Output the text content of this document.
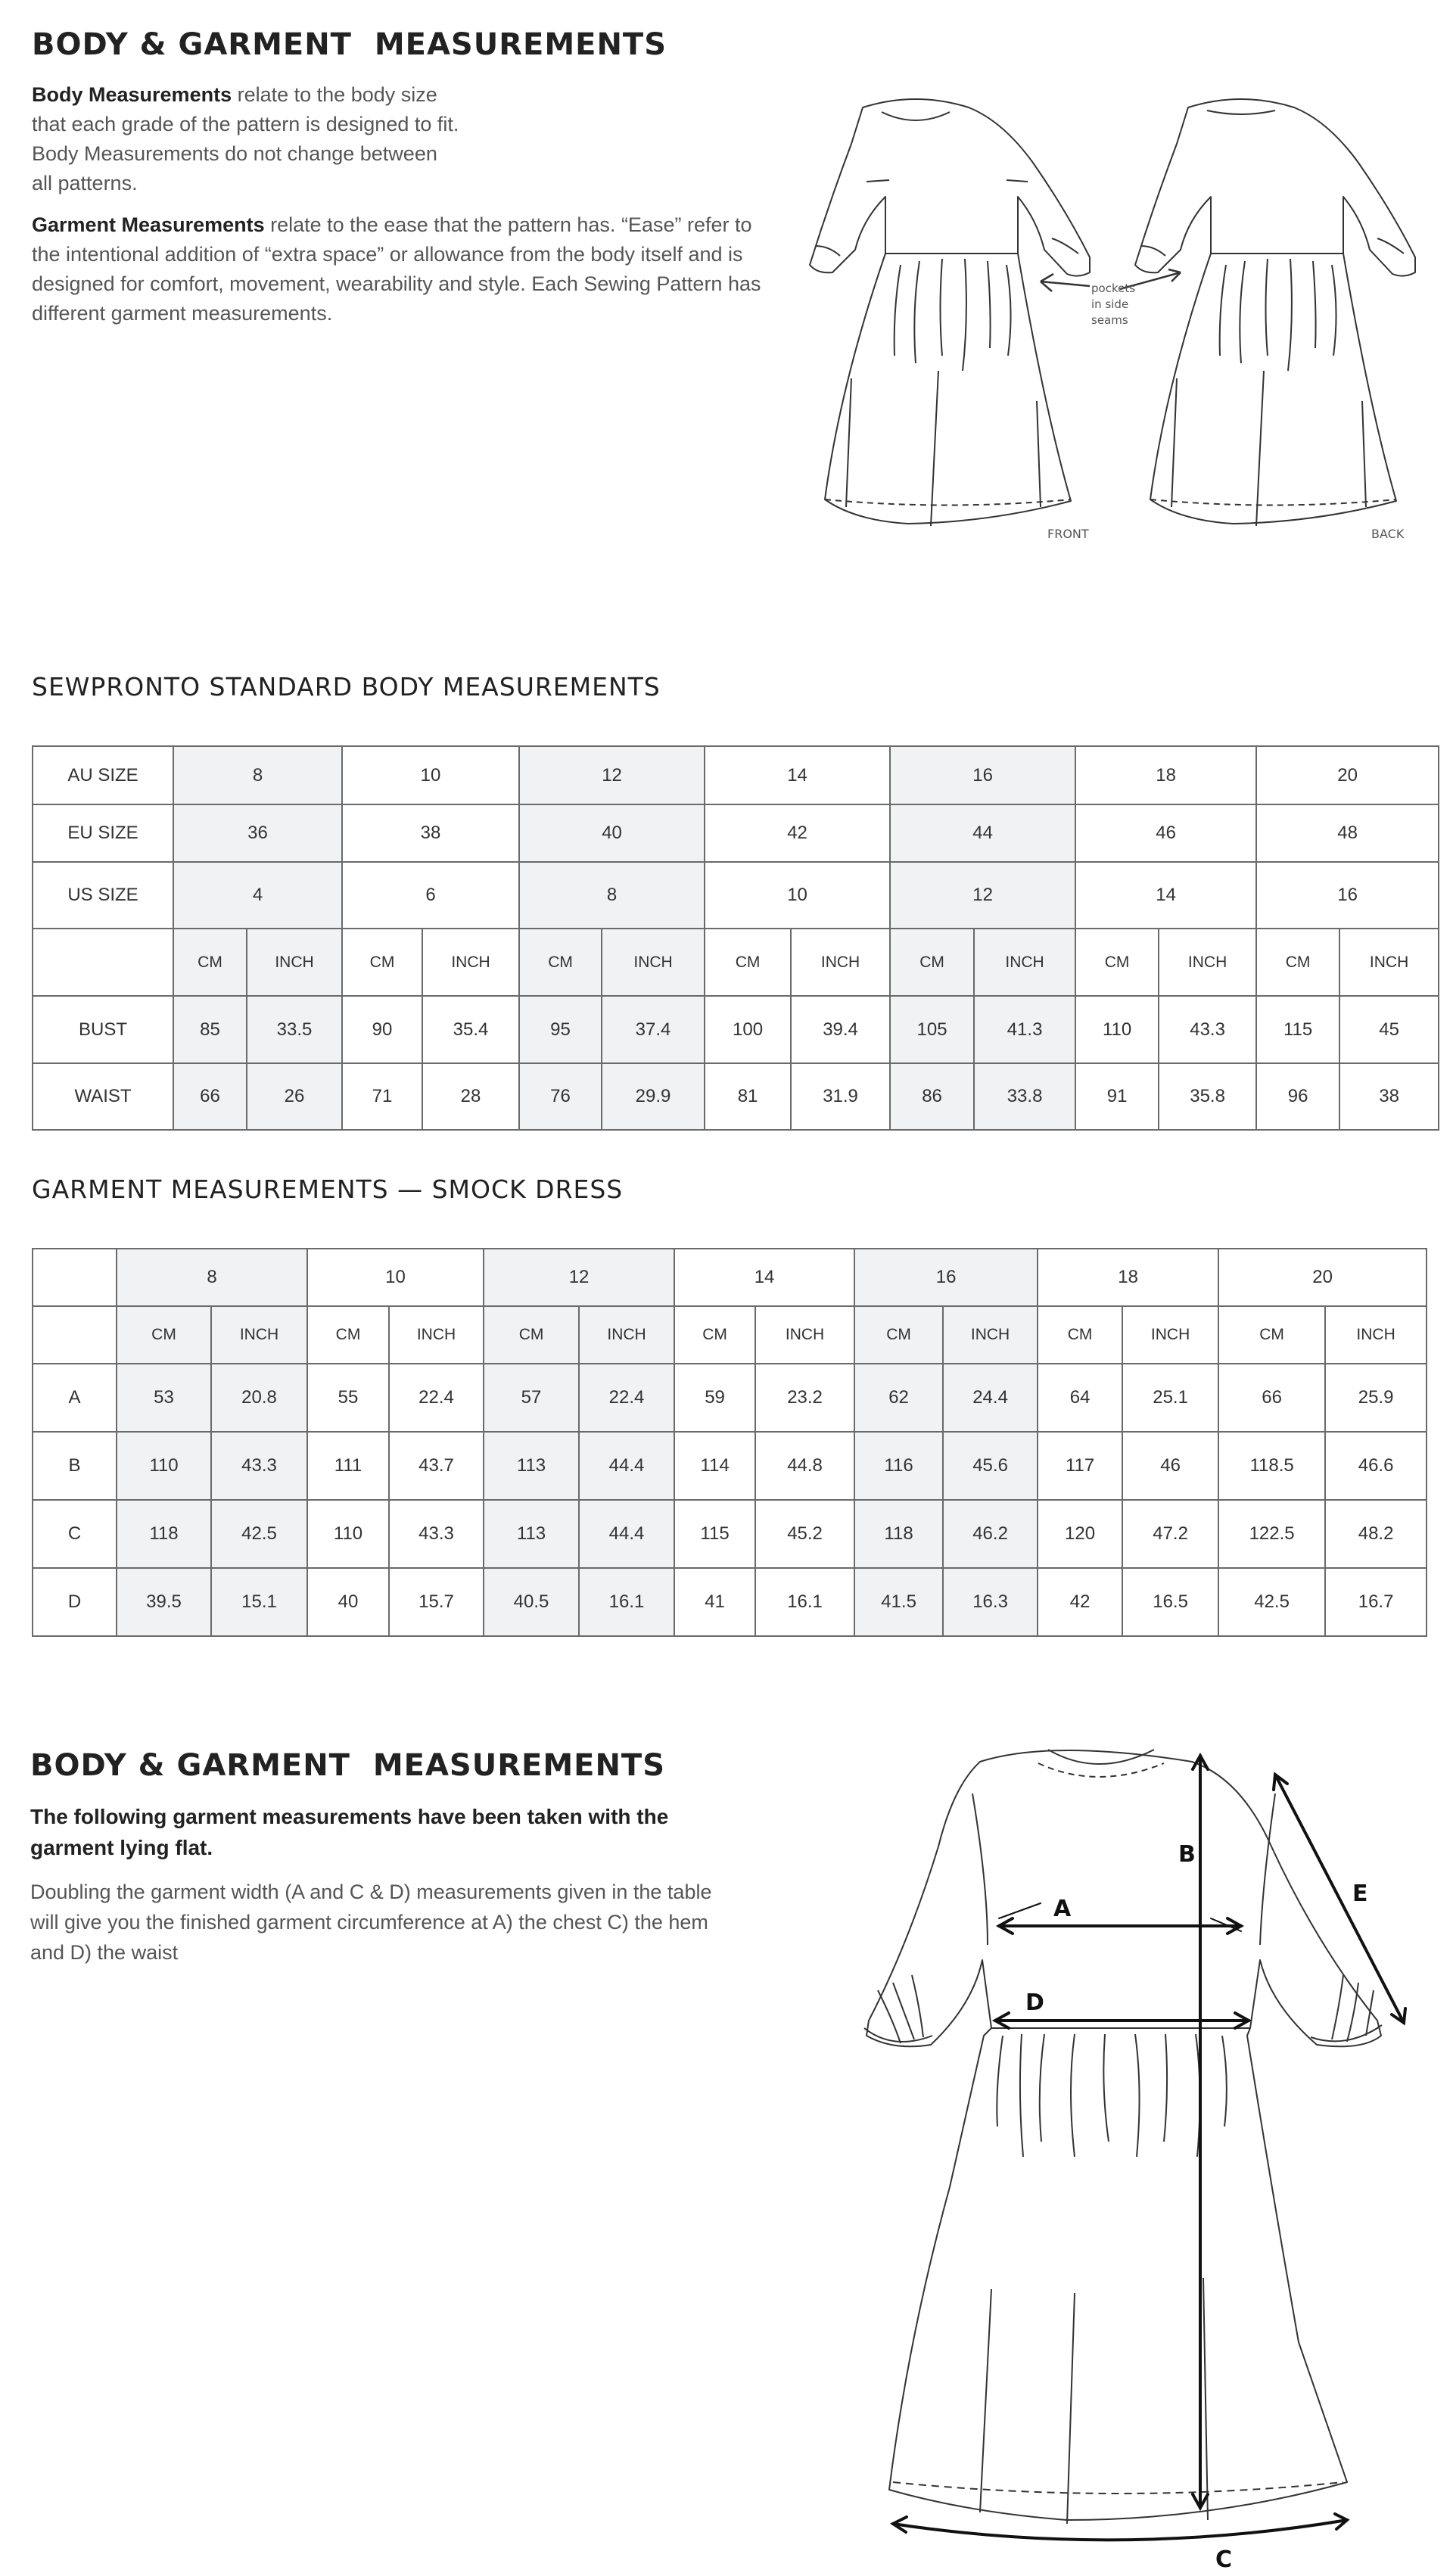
BODY & GARMENT  MEASUREMENTS
Body Measurements relate to the body size
that each grade of the pattern is designed to fit.
Body Measurements do not change between
all patterns.
Garment Measurements relate to the ease that the pattern has. “Ease” refer to
the intentional addition of “extra space” or allowance from the body itself and is
designed for comfort, movement, wearability and style. Each Sewing Pattern has
different garment measurements.
pockets
in side
seams
FRONT	BACK
SEWPRONTO STANDARD BODY MEASUREMENTS
AU SIZE	8		10		12		14		16		18		20	
EU SIZE	36		38		40		42		44		46		48	
US SIZE	4		6		8		10		12		14		16	
	CM	INCH	CM	INCH	CM	INCH	CM	INCH	CM	INCH	CM	INCH	CM	INCH
BUST	85	33.5	90	35.4	95	37.4	100	39.4	105	41.3	110	43.3	115	45
WAIST	66	26	71	28	76	29.9	81	31.9	86	33.8	91	35.8	96	38
GARMENT MEASUREMENTS — SMOCK DRESS
	8		10		12		14		16		18		20	
	CM	INCH	CM	INCH	CM	INCH	CM	INCH	CM	INCH	CM	INCH	CM	INCH
A	53	20.8	55	22.4	57	22.4	59	23.2	62	24.4	64	25.1	66	25.9
B	110	43.3	111	43.7	113	44.4	114	44.8	116	45.6	117	46	118.5	46.6
C	118	42.5	110	43.3	113	44.4	115	45.2	118	46.2	120	47.2	122.5	48.2
D	39.5	15.1	40	15.7	40.5	16.1	41	16.1	41.5	16.3	42	16.5	42.5	16.7
BODY & GARMENT  MEASUREMENTS
The following garment measurements have been taken with the
garment lying flat.
Doubling the garment width (A and C & D) measurements given in the table
will give you the finished garment circumference at A) the chest C) the hem
and D) the waist
A
B
C
D
E
